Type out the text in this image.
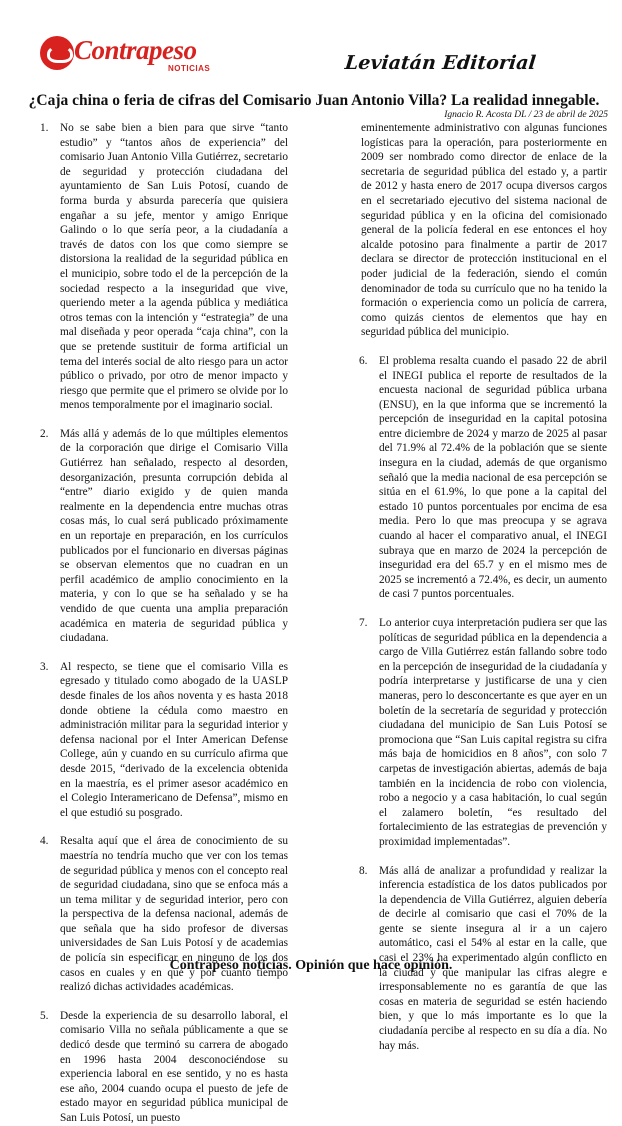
Contrapeso
NOTICIAS	Leviatán Editorial
¿Caja china o feria de cifras del Comisario Juan Antonio Villa? La realidad innegable.
Ignacio R. Acosta DL / 23 de abril de 2025
1. No se sabe bien a bien para que sirve “tanto estudio” y “tantos años de experiencia” del comisario Juan Antonio Villa Gutiérrez, secretario de seguridad y protección ciudadana del ayuntamiento de San Luis Potosí, cuando de forma burda y absurda parecería que quisiera engañar a su jefe, mentor y amigo Enrique Galindo o lo que sería peor, a la ciudadanía a través de datos con los que como siempre se distorsiona la realidad de la seguridad pública en el municipio, sobre todo el de la percepción de la sociedad respecto a la inseguridad que vive, queriendo meter a la agenda pública y mediática otros temas con la intención y “estrategia” de una mal diseñada y peor operada “caja china”, con la que se pretende sustituir de forma artificial un tema del interés social de alto riesgo para un actor público o privado, por otro de menor impacto y riesgo que permite que el primero se olvide por lo menos temporalmente por el imaginario social.
2. Más allá y además de lo que múltiples elementos de la corporación que dirige el Comisario Villa Gutiérrez han señalado, respecto al desorden, desorganización, presunta corrupción debida al “entre” diario exigido y de quien manda realmente en la dependencia entre muchas otras cosas más, lo cual será publicado próximamente en un reportaje en preparación, en los currículos publicados por el funcionario en diversas páginas se observan elementos que no cuadran en un perfil académico de amplio conocimiento en la materia, y con lo que se ha señalado y se ha vendido de que cuenta una amplia preparación académica en materia de seguridad pública y ciudadana.
3. Al respecto, se tiene que el comisario Villa es egresado y titulado como abogado de la UASLP desde finales de los años noventa y es hasta 2018 donde obtiene la cédula como maestro en administración militar para la seguridad interior y defensa nacional por el Inter American Defense College, aún y cuando en su currículo afirma que desde 2015, “derivado de la excelencia obtenida en la maestría, es el primer asesor académico en el Colegio Interamericano de Defensa”, mismo en el que estudió su posgrado.
4. Resalta aquí que el área de conocimiento de su maestría no tendría mucho que ver con los temas de seguridad pública y menos con el concepto real de seguridad ciudadana, sino que se enfoca más a un tema militar y de seguridad interior, pero con la perspectiva de la defensa nacional, además de que señala que ha sido profesor de diversas universidades de San Luis Potosí y de academias de policía sin especificar en ninguno de los dos casos en cuales y en qué y por cuanto tiempo realizó dichas actividades académicas.
5. Desde la experiencia de su desarrollo laboral, el comisario Villa no señala públicamente a que se dedicó desde que terminó su carrera de abogado en 1996 hasta 2004 desconociéndose su experiencia laboral en ese sentido, y no es hasta ese año, 2004 cuando ocupa el puesto de jefe de estado mayor en seguridad pública municipal de San Luis Potosí, un puesto
eminentemente administrativo con algunas funciones logísticas para la operación, para posteriormente en 2009 ser nombrado como director de enlace de la secretaria de seguridad pública del estado y, a partir de 2012 y hasta enero de 2017 ocupa diversos cargos en el secretariado ejecutivo del sistema nacional de seguridad pública y en la oficina del comisionado general de la policía federal en ese entonces el hoy alcalde potosino para finalmente a partir de 2017 declara se director de protección institucional en el poder judicial de la federación, siendo el común denominador de toda su currículo que no ha tenido la formación o experiencia como un policía de carrera, como quizás cientos de elementos que hay en seguridad pública del municipio.
6. El problema resalta cuando el pasado 22 de abril el INEGI publica el reporte de resultados de la encuesta nacional de seguridad pública urbana (ENSU), en la que informa que se incrementó la percepción de inseguridad en la capital potosina entre diciembre de 2024 y marzo de 2025 al pasar del 71.9% al 72.4% de la población que se siente insegura en la ciudad, además de que organismo señaló que la media nacional de esa percepción se sitúa en el 61.9%, lo que pone a la capital del estado 10 puntos porcentuales por encima de esa media. Pero lo que mas preocupa y se agrava cuando al hacer el comparativo anual, el INEGI subraya que en marzo de 2024 la percepción de inseguridad era del 65.7 y en el mismo mes de 2025 se incrementó a 72.4%, es decir, un aumento de casi 7 puntos porcentuales.
7. Lo anterior cuya interpretación pudiera ser que las políticas de seguridad pública en la dependencia a cargo de Villa Gutiérrez están fallando sobre todo en la percepción de inseguridad de la ciudadanía y podría interpretarse y justificarse de una y cien maneras, pero lo desconcertante es que ayer en un boletín de la secretaría de seguridad y protección ciudadana del municipio de San Luis Potosí se promociona que “San Luis capital registra su cifra más baja de homicidios en 8 años”, con solo 7 carpetas de investigación abiertas, además de baja también en la incidencia de robo con violencia, robo a negocio y a casa habitación, lo cual según el zalamero boletín, “es resultado del fortalecimiento de las estrategias de prevención y proximidad implementadas”.
8. Más allá de analizar a profundidad y realizar la inferencia estadística de los datos publicados por la dependencia de Villa Gutiérrez, alguien debería de decirle al comisario que casi el 70% de la gente se siente insegura al ir a un cajero automático, casi el 54% al estar en la calle, que casi el 23% ha experimentado algún conflicto en la ciudad y que manipular las cifras alegre e irresponsablemente no es garantía de que las cosas en materia de seguridad se estén haciendo bien, y que lo más importante es lo que la ciudadanía percibe al respecto en su día a día. No hay más.
Contrapeso noticias. Opinión que hace opinión.
